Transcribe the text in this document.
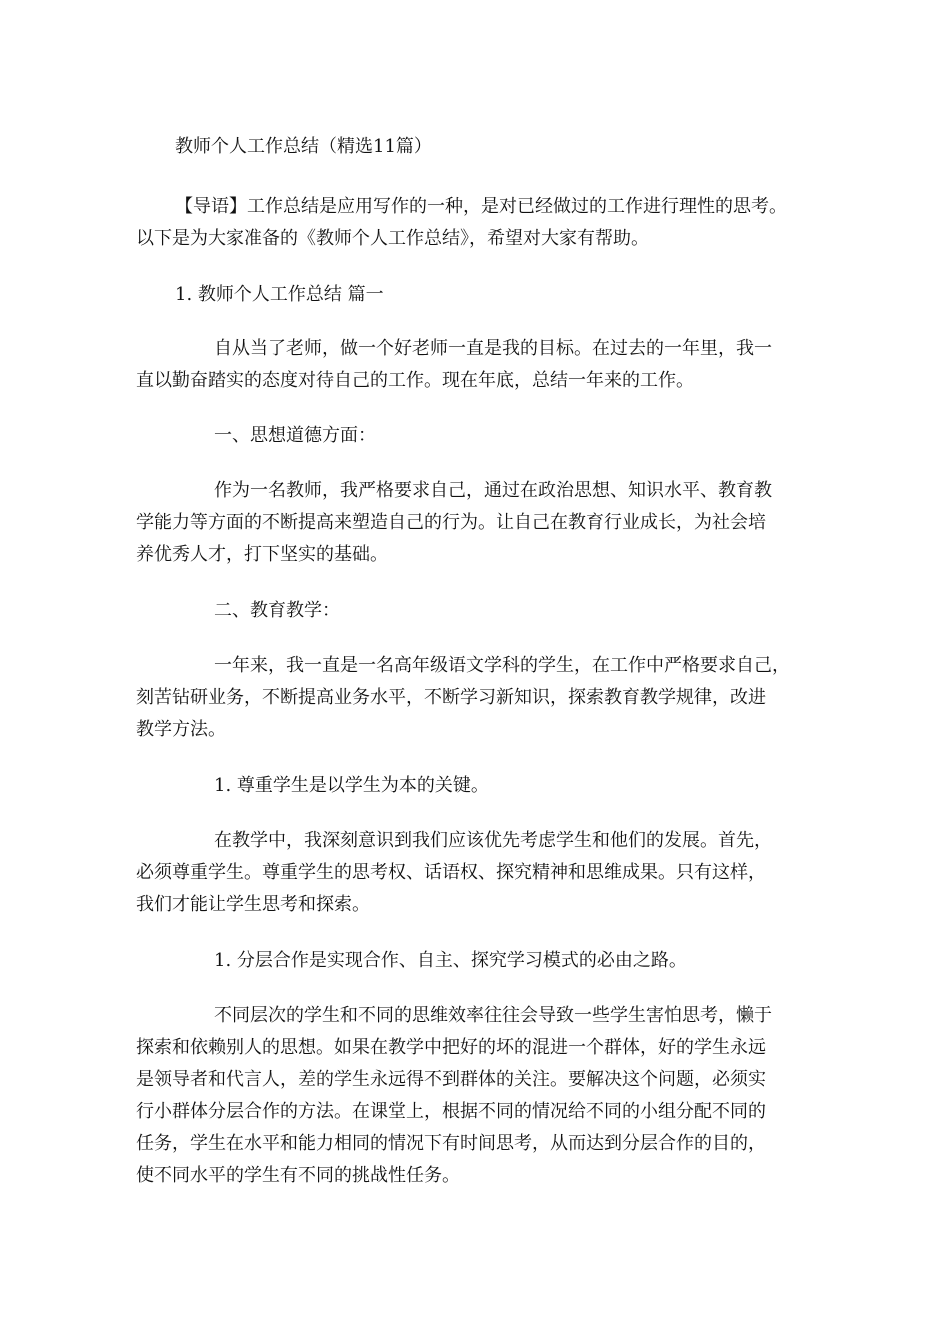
教师个人工作总结（精选11篇）

【导语】工作总结是应用写作的一种，是对已经做过的工作进行理性的思考。

以下是为大家准备的《教师个人工作总结》，希望对大家有帮助。

1. 教师个人工作总结 篇一

自从当了老师，做一个好老师一直是我的目标。在过去的一年里，我一

直以勤奋踏实的态度对待自己的工作。现在年底，总结一年来的工作。

一、思想道德方面：

作为一名教师，我严格要求自己，通过在政治思想、知识水平、教育教

学能力等方面的不断提高来塑造自己的行为。让自己在教育行业成长，为社会培

养优秀人才，打下坚实的基础。

二、教育教学：

一年来，我一直是一名高年级语文学科的学生，在工作中严格要求自己，

刻苦钻研业务，不断提高业务水平，不断学习新知识，探索教育教学规律，改进

教学方法。

1. 尊重学生是以学生为本的关键。

在教学中，我深刻意识到我们应该优先考虑学生和他们的发展。首先，

必须尊重学生。尊重学生的思考权、话语权、探究精神和思维成果。只有这样，

我们才能让学生思考和探索。

1. 分层合作是实现合作、自主、探究学习模式的必由之路。

不同层次的学生和不同的思维效率往往会导致一些学生害怕思考，懒于

探索和依赖别人的思想。如果在教学中把好的坏的混进一个群体，好的学生永远

是领导者和代言人，差的学生永远得不到群体的关注。要解决这个问题，必须实

行小群体分层合作的方法。在课堂上，根据不同的情况给不同的小组分配不同的

任务，学生在水平和能力相同的情况下有时间思考，从而达到分层合作的目的，

使不同水平的学生有不同的挑战性任务。
